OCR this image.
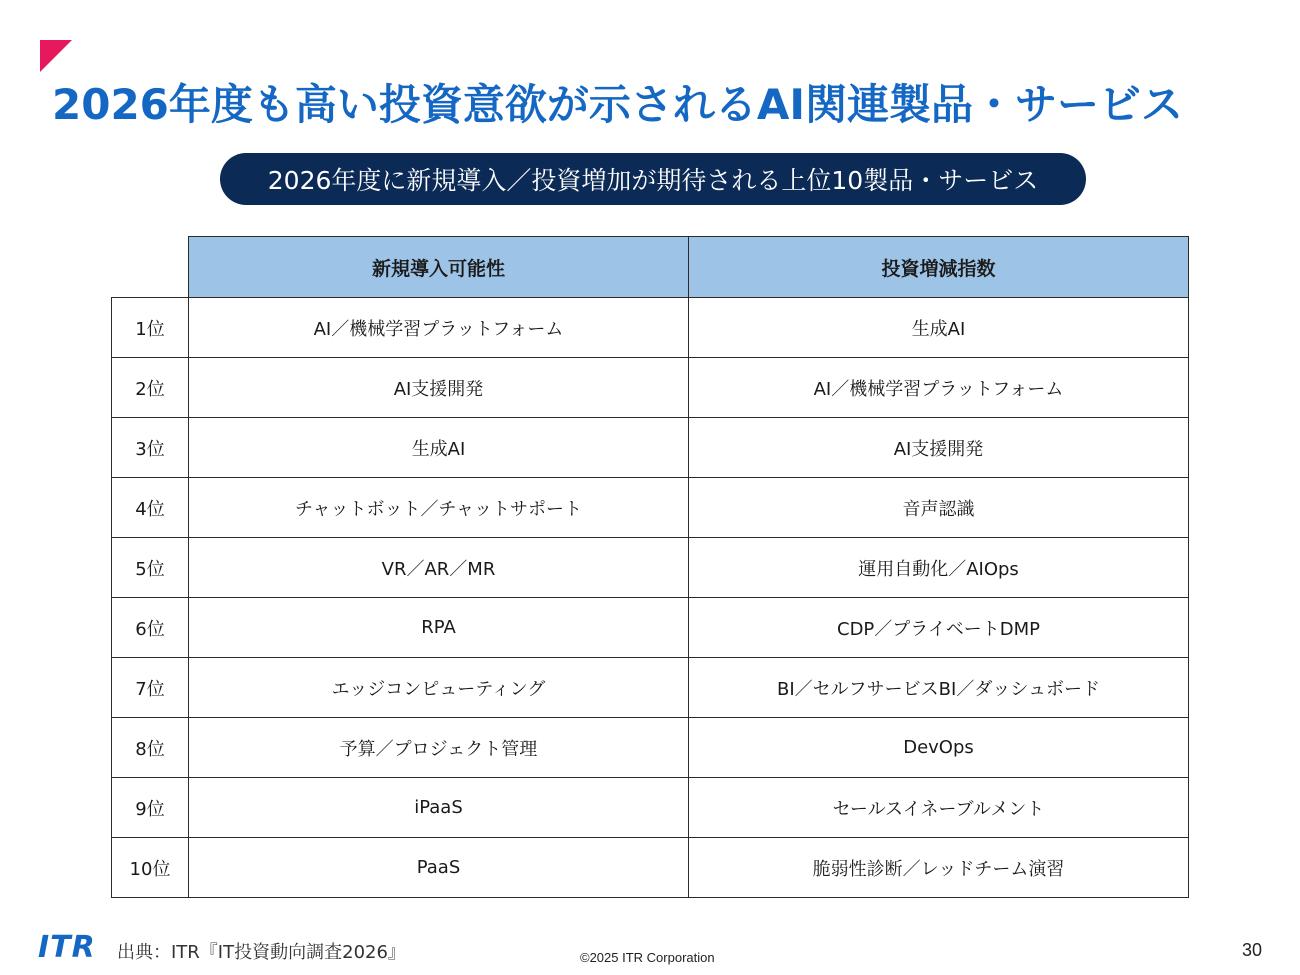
2026年度も高い投資意欲が示されるAI関連製品・サービス
2026年度に新規導入／投資増加が期待される上位10製品・サービス
	新規導入可能性	投資増減指数
1位	AI／機械学習プラットフォーム	生成AI
2位	AI支援開発	AI／機械学習プラットフォーム
3位	生成AI	AI支援開発
4位	チャットボット／チャットサポート	音声認識
5位	VR／AR／MR	運用自動化／AIOps
6位	RPA	CDP／プライベートDMP
7位	エッジコンピューティング	BI／セルフサービスBI／ダッシュボード
8位	予算／プロジェクト管理	DevOps
9位	iPaaS	セールスイネーブルメント
10位	PaaS	脆弱性診断／レッドチーム演習
ITR 出典：ITR『IT投資動向調査2026』	©2025 ITR Corporation	30
